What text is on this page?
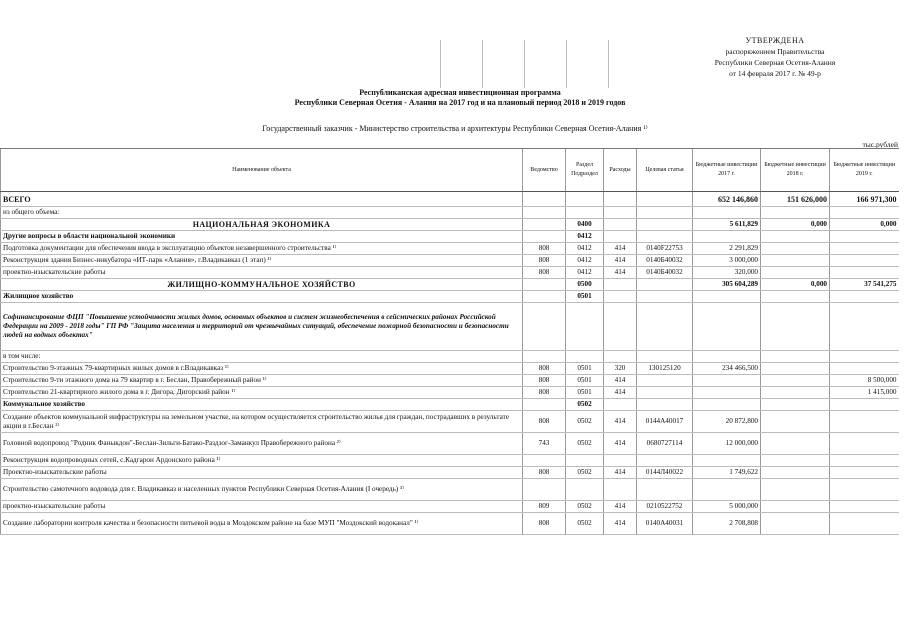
УТВЕРЖДЕНА
распоряжением Правительства
Республики Северная Осетия-Алания
от 14 февраля 2017 г. № 49-р
Республиканская адресная инвестиционная программа
Республики Северная Осетия - Алания на 2017 год и на плановый период 2018 и 2019 годов
Государственный заказчик - Министерство строительства и архитектуры Республики Северная Осетия-Алания ¹⁾
тыс.рублей
Наименование объекта	Ведомство	Раздел Подраздел	Расходы	Целевая статья	Бюджетные инвестиции 2017 г.	Бюджетные инвестиции 2018 г.	Бюджетные инвестиции 2019 г.
ВСЕГО					652 146,860	151 626,000	166 971,300
из общего объема:							
НАЦИОНАЛЬНАЯ ЭКОНОМИКА		0400			5 611,829	0,000	0,000
Другие вопросы в области национальной экономики		0412					
Подготовка документации для обеспечения ввода в эксплуатацию объектов незавершенного строительства ¹⁾	808	0412	414	0140F22753	2 291,829		
Реконструкция здания Бизнес-инкубатора «ИТ-парк «Алания», г.Владикавказ (1 этап) ¹⁾	808	0412	414	0140Б40032	3 000,000		
проектно-изыскательские работы	808	0412	414	0140Б40032	320,000		
ЖИЛИЩНО-КОММУНАЛЬНОЕ ХОЗЯЙСТВО		0500			305 604,289	0,000	37 541,275
Жилищное хозяйство		0501					
Софинансирование ФЦП "Повышение устойчивости жилых домов, основных объектов и систем жизнеобеспечения в сейсмических районах Российской Федерации на 2009 - 2018 годы" ГП РФ "Защита населения и территорий от чрезвычайных ситуаций, обеспечение пожарной безопасности и безопасности людей на водных объектах"							
в том числе:							
Строительство 9-этажных 79-квартирных жилых домов в г.Владикавказ ¹⁾	808	0501	320	130125120	234 466,500		
Строительство 9-ти этажного дома на 79 квартир в г. Беслан, Правобережный район ¹⁾	808	0501	414				8 500,000
Строительство 21-квартирного жилого дома в г. Дигора, Дигорский район ¹⁾	808	0501	414				1 415,000
Коммунальное хозяйство		0502					
Создание объектов коммунальной инфраструктуры на земельном участке, на котором осуществляется строительство жилья для граждан, пострадавших в результате акции в г.Беслан ²⁾	808	0502	414	0144А40017	20 872,800		
Головной водопровод "Родник Фаныкдон"-Беслан-Зильги-Батако-Раздзог-Заманкул Правобережного района ²⁾	743	0502	414	0680727114	12 000,000		
Реконструкция водопроводных сетей, с.Кадгарон Ардонского района ¹⁾							
Проектно-изыскательские работы	808	0502	414	0144Л40022	1 749,622		
Строительство самотечного водовода для г. Владикавказ и населенных пунктов Республики Северная Осетия-Алания (I очередь) ³⁾							
проектно-изыскательские работы	809	0502	414	0210522752	5 000,000		
Создание лаборатории контроля качества и безопасности питьевой воды в Моздокском районе на базе МУП "Моздокский водоканал" ¹⁾	808	0502	414	0140А40031	2 708,808		
